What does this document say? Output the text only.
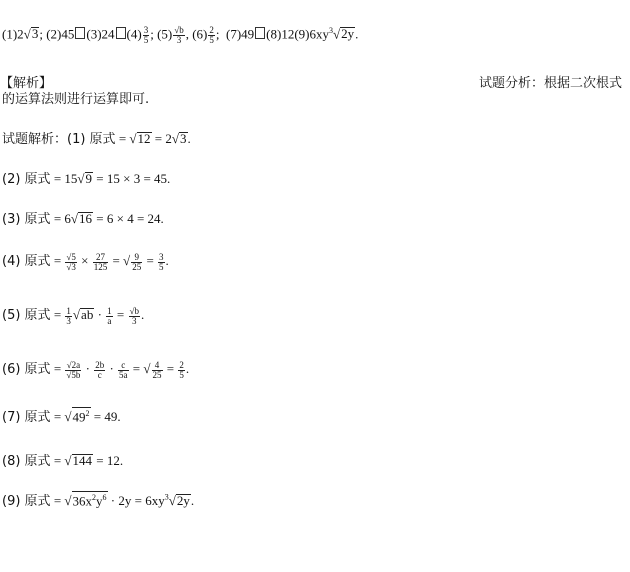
(1)2√3; (2)45 (3)24 $(4) \frac{3}{5}$ ; $(5) \frac{√b}{3}$ , $(6) \frac{2}{5}$ ; (7)49 $(8)12(9)6xy^3√2y$.
【解析】	试题分析：根据二次根式
的运算法则进行运算即可.
试题解析：(1) 原式 = √12 = 2√3.
(2) 原式 = 15√9 = 15 × 3 = 45.
(3) 原式 = 6√16 = 6 × 4 = 24.
(4) 原式 = $\frac{√5}{√3} \times \frac{27}{125}$ = √ $\frac{9}{25} = \frac{3}{5}$ .
(5) 原式 = $\frac{1}{3} √ab \cdot \frac{1}{a} = \frac{√b}{3}$ .
(6) 原式 = $\frac{√2a}{√5b} \cdot \frac{2b}{c} \cdot \frac{c}{5a}$ = √ $\frac{4}{25} = \frac{2}{5}$ .
(7) 原式 = $√49^2 = 49$.
(8) 原式 = √144 = 12.
(9) 原式 = $√36x^2y^6 \cdot 2y = 6xy^3√2y$.
